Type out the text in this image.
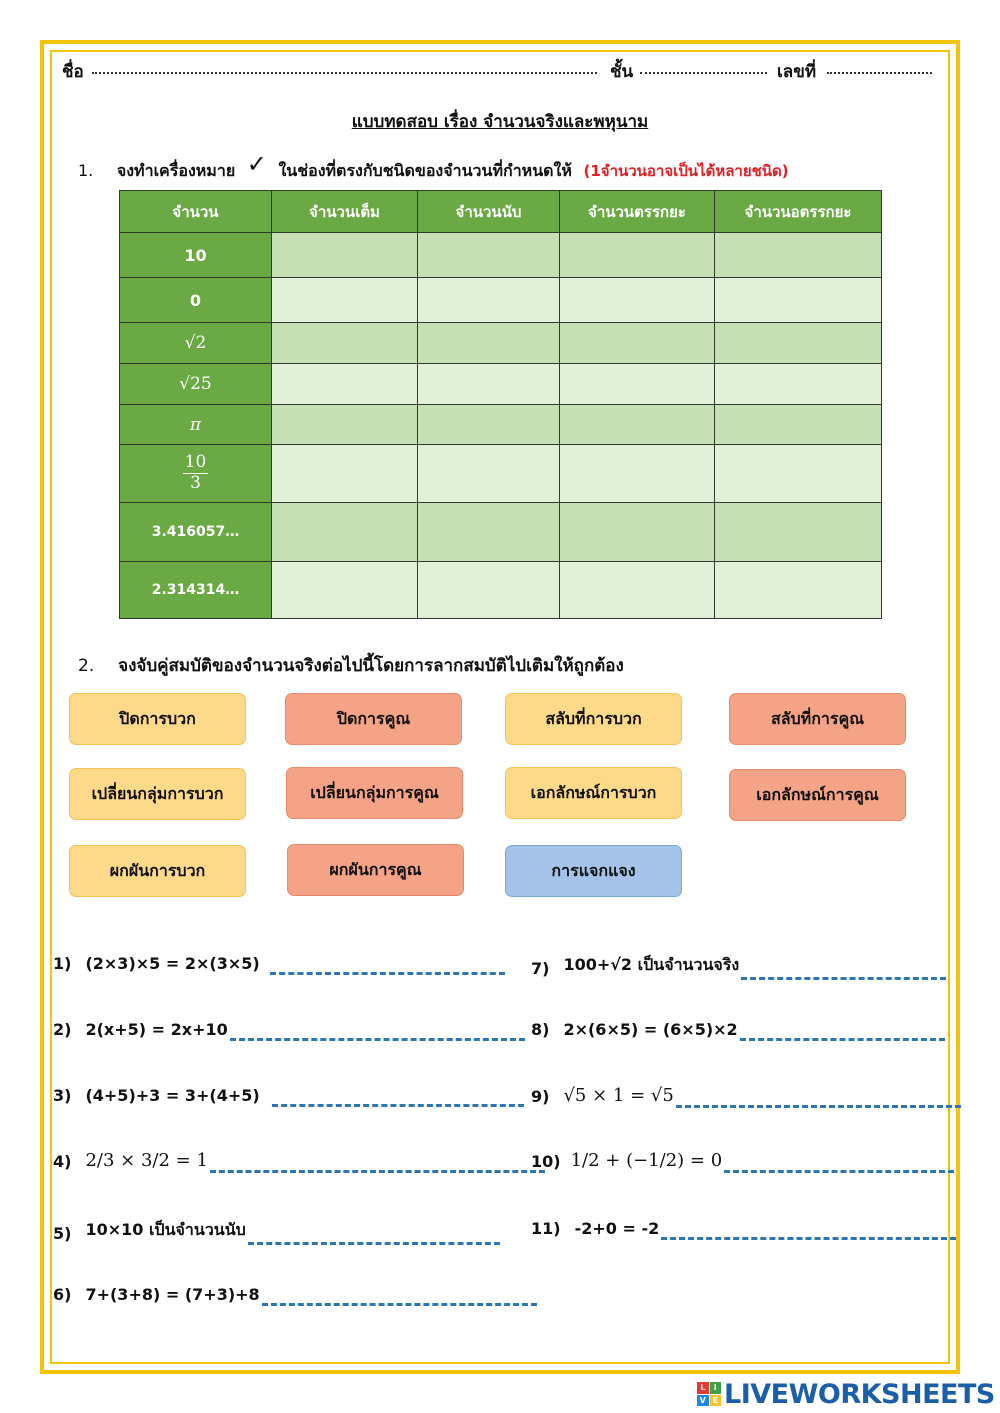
ชื่อ	ชั้น	เลขที่
แบบทดสอบ เรื่อง จำนวนจริงและพหุนาม
1. จงทำเครื่องหมาย ✓ ในช่องที่ตรงกับชนิดของจำนวนที่กำหนดให้ (1จำนวนอาจเป็นได้หลายชนิด)
จำนวน	จำนวนเต็ม	จำนวนนับ	จำนวนตรรกยะ	จำนวนอตรรกยะ
10				
0				
√2				
√25				
π				

$\frac{10}{3}$

3.416057…				
2.314314…				
2. จงจับคู่สมบัติของจำนวนจริงต่อไปนี้โดยการลากสมบัติไปเติมให้ถูกต้อง
ปิดการบวก	ปิดการคูณ	สลับที่การบวก	สลับที่การคูณ
เปลี่ยนกลุ่มการบวก	เปลี่ยนกลุ่มการคูณ	เอกลักษณ์การบวก	เอกลักษณ์การคูณ
ผกผันการบวก	ผกผันการคูณ	การแจกแจง
1) (2×3)×5 = 2×(3×5)
2) 2(x+5) = 2x+10
3) (4+5)+3 = 3+(4+5)
4) 2/3 × 3/2 = 1
5) 10×10 เป็นจำนวนนับ
6) 7+(3+8) = (7+3)+8
7) 100+√2 เป็นจำนวนจริง
8) 2×(6×5) = (6×5)×2
9) √5 × 1 = √5
10) 1/2 + (−1/2) = 0
11) -2+0 = -2
L	I
V E LIVEWORKSHEETS
